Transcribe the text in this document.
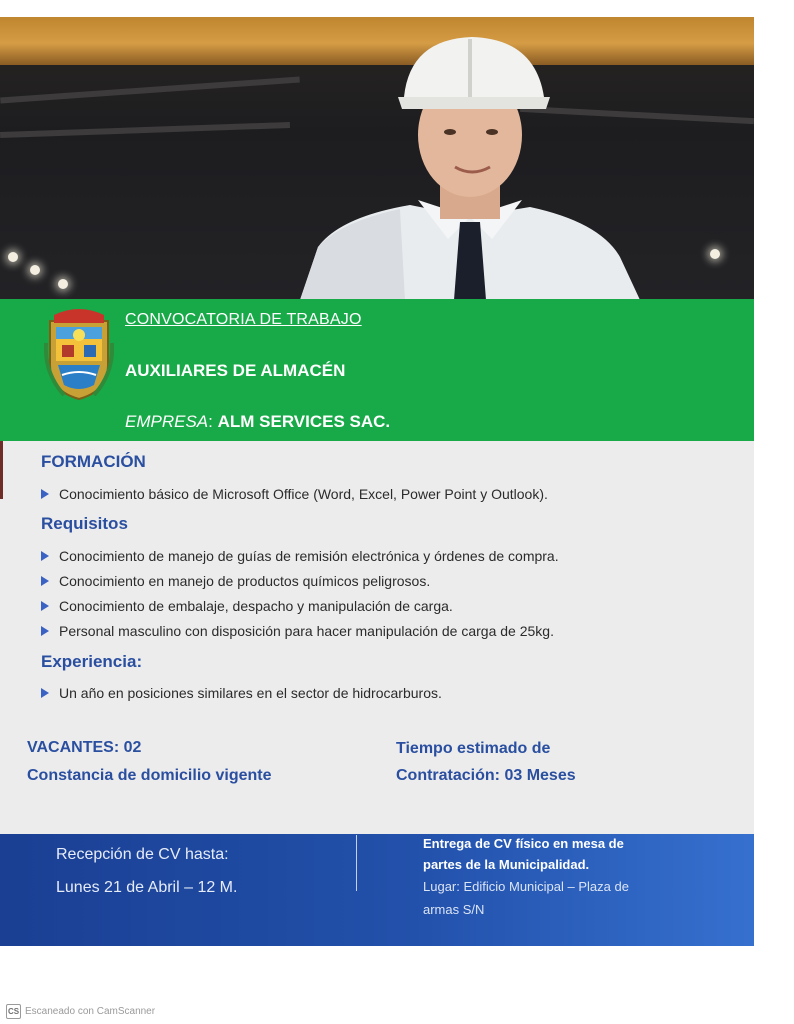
CONVOCATORIA DE TRABAJO
AUXILIARES DE ALMACÉN
EMPRESA: ALM SERVICES SAC.
FORMACIÓN
Conocimiento básico de Microsoft Office (Word, Excel, Power Point y Outlook).
Requisitos
Conocimiento de manejo de guías de remisión electrónica y órdenes de compra.
Conocimiento en manejo de productos químicos peligrosos.
Conocimiento de embalaje, despacho y manipulación de carga.
Personal masculino con disposición para hacer manipulación de carga de 25kg.
Experiencia:
Un año en posiciones similares en el sector de hidrocarburos.
VACANTES: 02
Constancia de domicilio vigente
Tiempo estimado de
Contratación: 03 Meses
Recepción de CV hasta:
Lunes 21 de Abril – 12 M.
Entrega de CV físico en mesa de
partes de la Municipalidad.
Lugar: Edificio Municipal – Plaza de
armas S/N
CS Escaneado con CamScanner
